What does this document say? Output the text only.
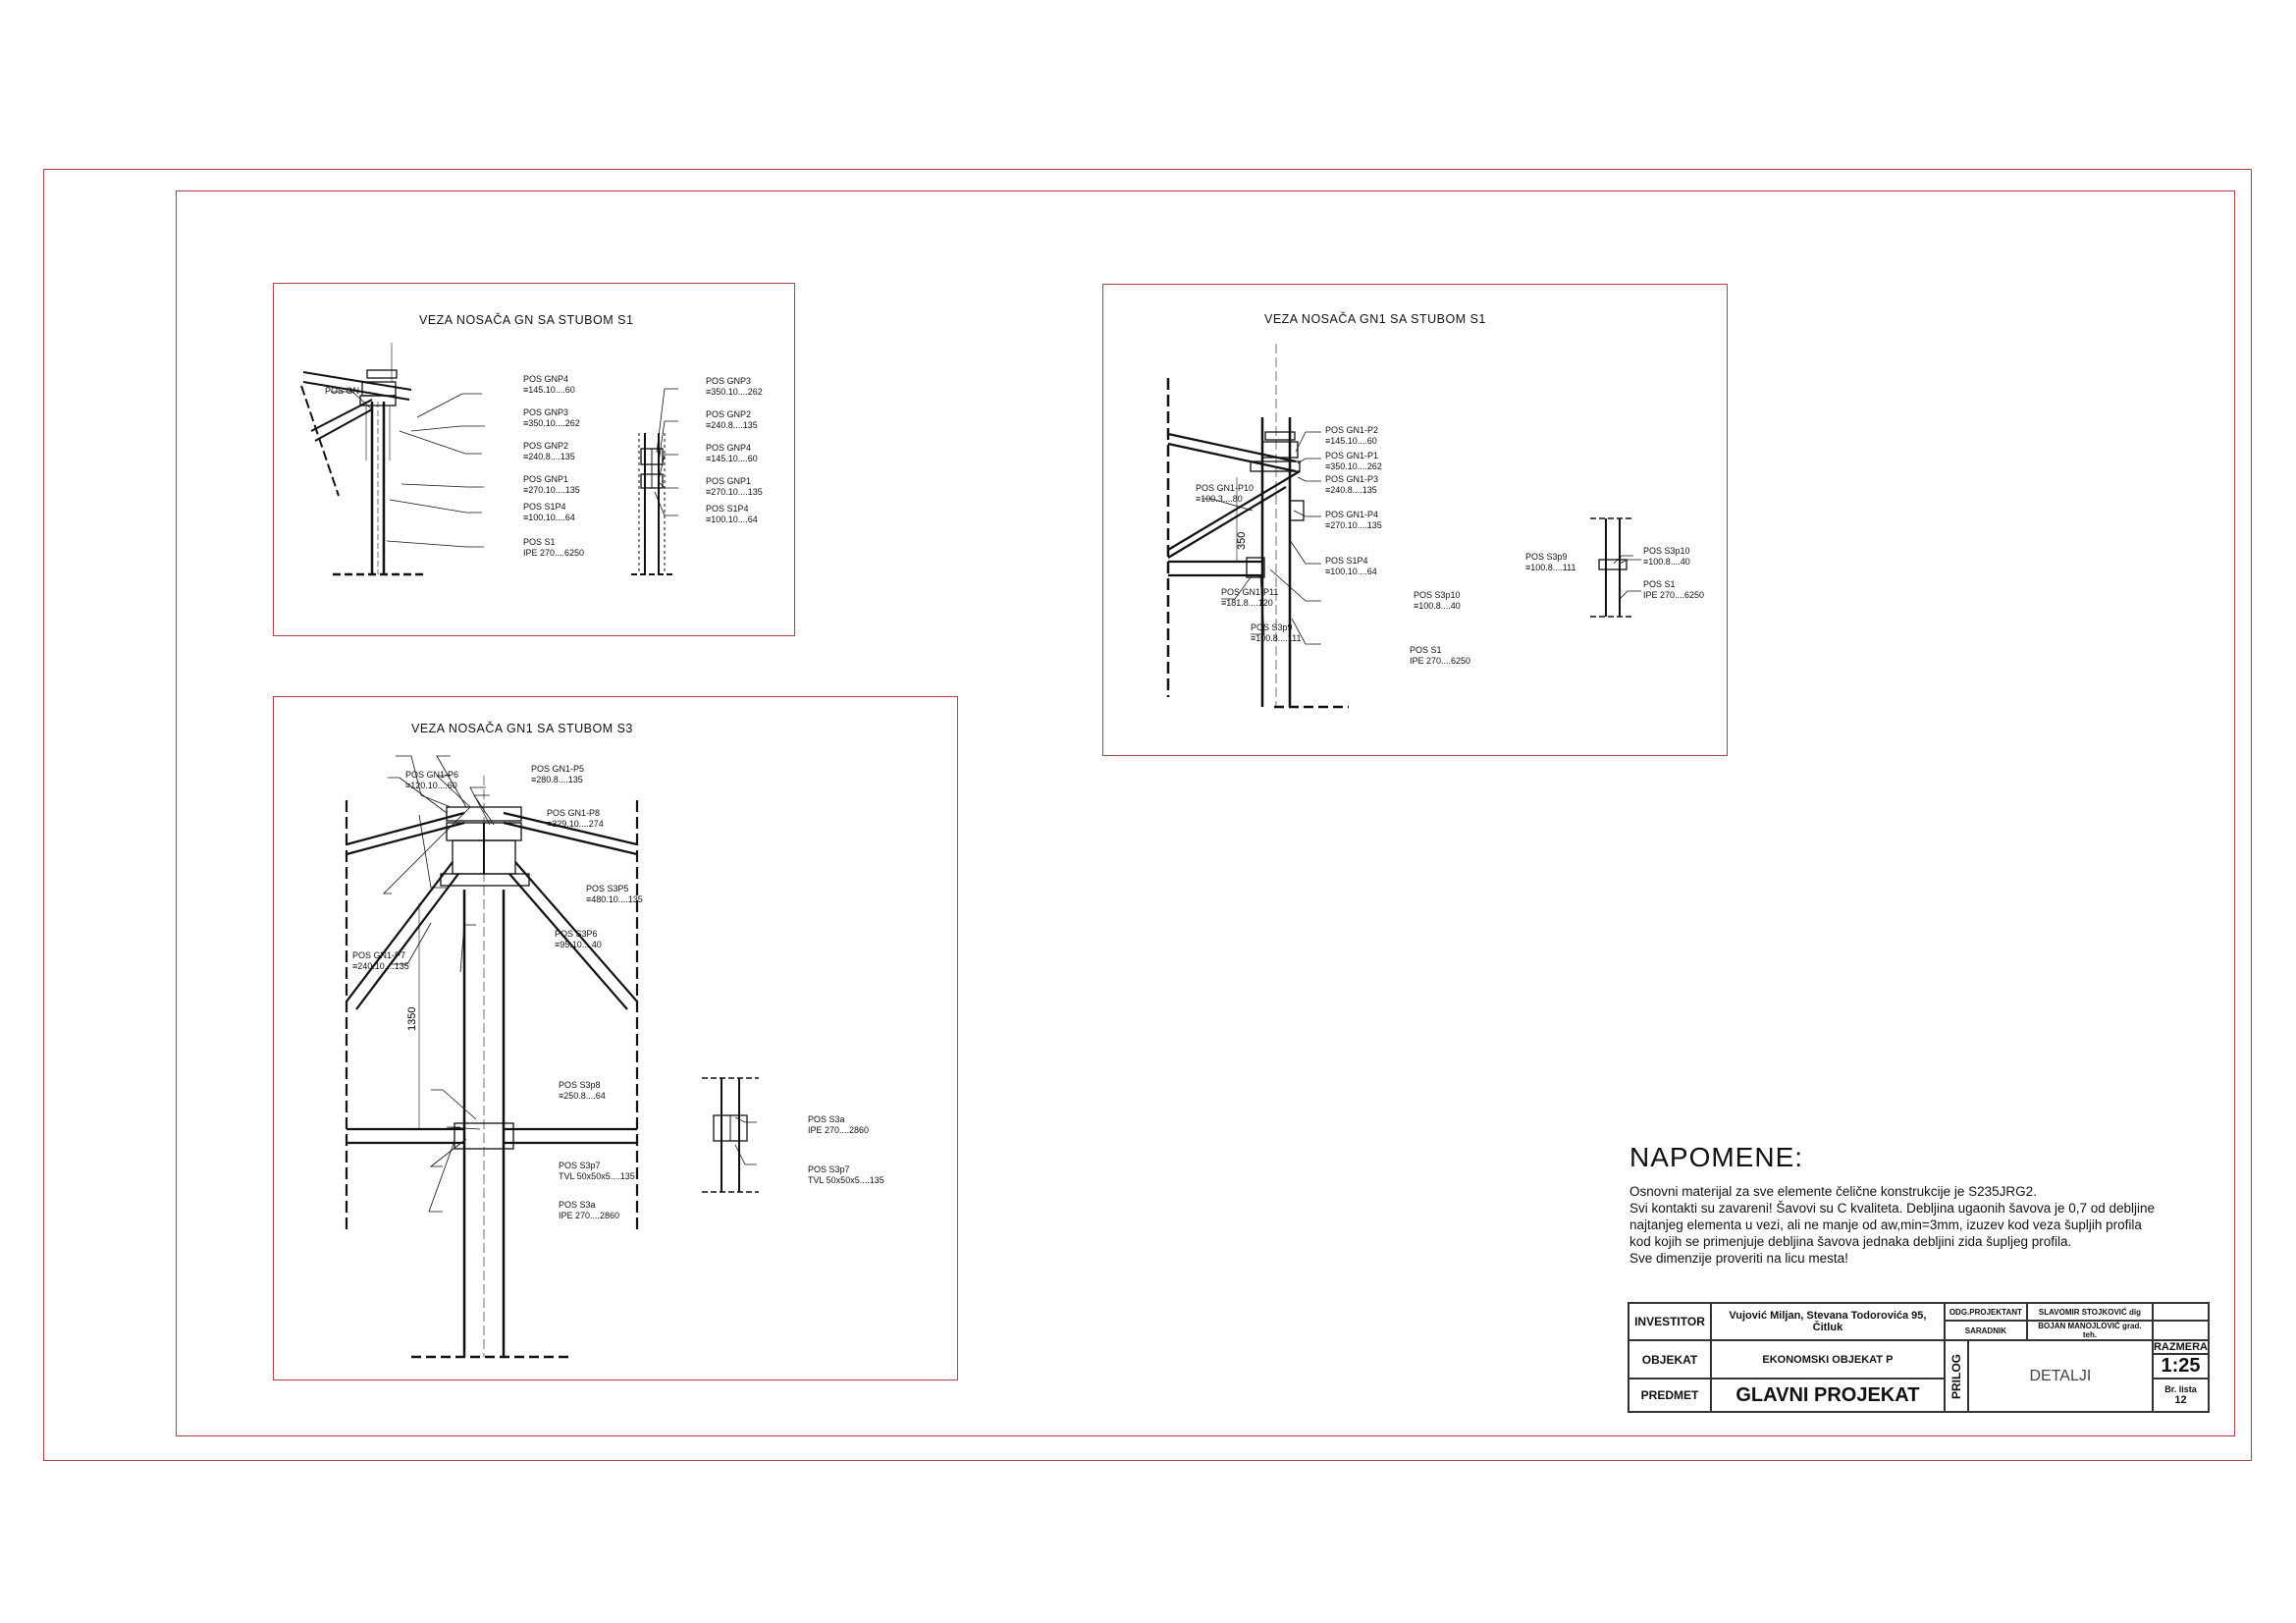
VEZA NOSAČA GN SA STUBOM S1
POS GN
POS GNP4
≡145.10....60
POS GNP3
≡350.10....262
POS GNP2
≡240.8....135
POS GNP1
≡270.10....135
POS S1P4
≡100.10....64
POS S1
IPE 270....6250
POS GNP3
≡350.10....262
POS GNP2
≡240.8....135
POS GNP4
≡145.10....60
POS GNP1
≡270.10....135
POS S1P4
≡100.10....64
VEZA NOSAČA GN1 SA STUBOM S1
350
POS GN1-P2
≡145.10....60
POS GN1-P1
≡350.10....262
POS GN1-P3
≡240.8....135
POS GN1-P4
≡270.10....135
POS S1P4
≡100.10....64
POS S3p10
≡100.8....40
POS S1
IPE 270....6250
POS GN1-P10
≡100.3....80
POS GN1-P11
≡181.8....120
POS S3p9
≡100.8....111
POS S3p9
≡100.8....111
POS S3p10
≡100.8....40
POS S1
IPE 270....6250
VEZA NOSAČA GN1 SA STUBOM S3
1350
POS GN1-P6
≡120.10....60
POS GN1-P5
≡280.8....135
POS GN1-P8
≡329.10....274
POS S3P5
≡480.10....135
POS S3P6
≡95.10....40
POS GN1-P7
≡240.10....135
POS S3p8
≡250.8....64
POS S3p7
TVL 50x50x5....135
POS S3a
IPE 270....2860
POS S3a
IPE 270....2860
POS S3p7
TVL 50x50x5....135
NAPOMENE:

Osnovni materijal za sve elemente čelične konstrukcije je S235JRG2.

Svi kontakti su zavareni! Šavovi su C kvaliteta. Debljina ugaonih šavova je 0,7 od debljine

najtanjeg elementa u vezi, ali ne manje od aw,min=3mm, izuzev kod veza šupljih profila

kod kojih se primenjuje debljina šavova jednaka debljini zida šupljeg profila.

Sve dimenzije proveriti na licu mesta!

INVESTITOR	Vujović Miljan, Stevana Todorovića 95, Čitluk	ODG.PROJEKTANT		SLAVOMIR STOJKOVIĆ dig	
		SARADNIK		BOJAN MANOJLOVIĆ grad. teh.	
OBJEKAT	EKONOMSKI OBJEKAT P	PRILOG	DETALJI		RAZMERA
1:25

PREDMET	GLAVNI PROJEKAT				Br. lista
12
